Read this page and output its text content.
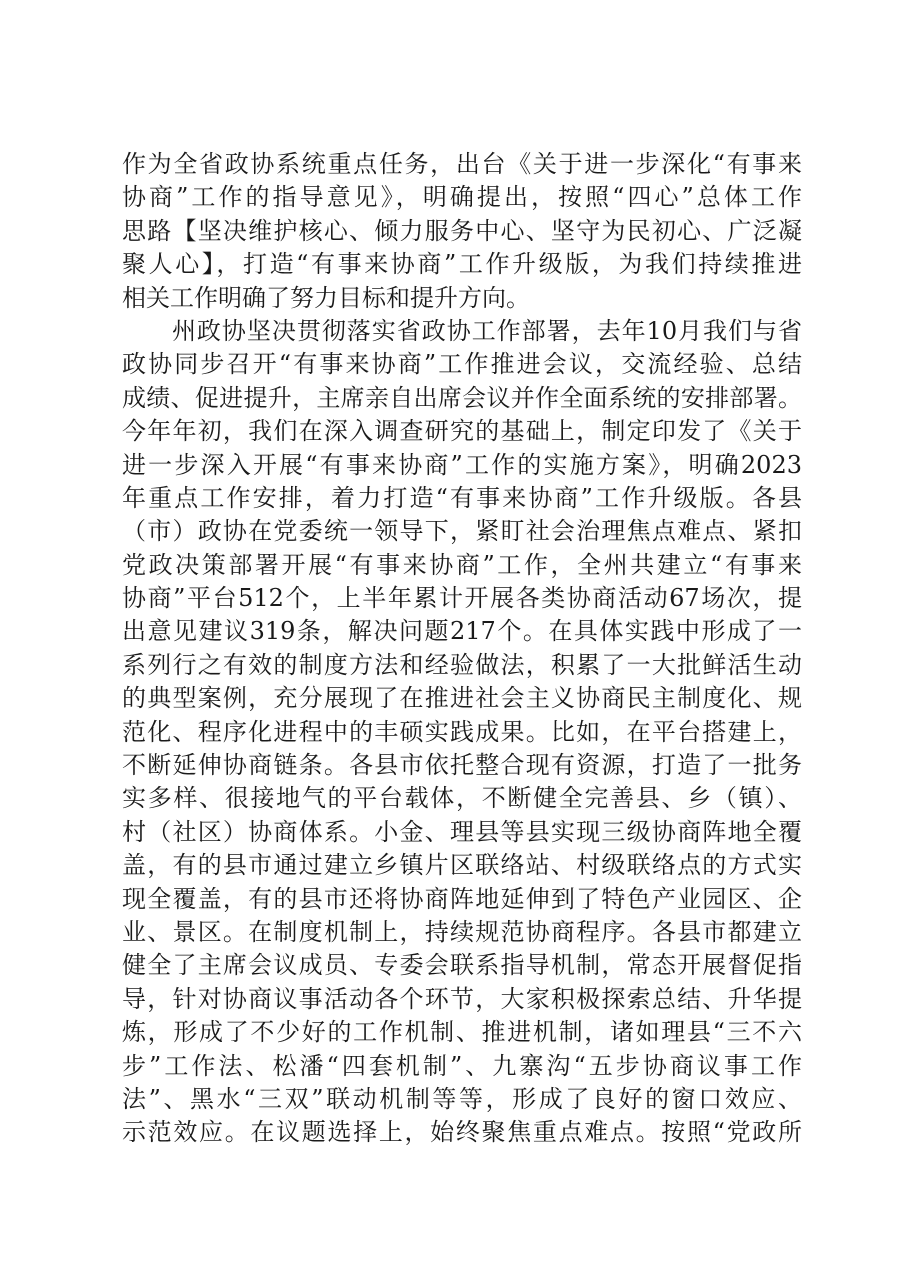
作为全省政协系统重点任务，出台《关于进一步深化“有事来
协商”工作的指导意见》，明确提出，按照“四心”总体工作
思路【坚决维护核心、倾力服务中心、坚守为民初心、广泛凝
聚人心】，打造“有事来协商”工作升级版，为我们持续推进
相关工作明确了努力目标和提升方向。
　　州政协坚决贯彻落实省政协工作部署，去年10月我们与省
政协同步召开“有事来协商”工作推进会议，交流经验、总结
成绩、促进提升，主席亲自出席会议并作全面系统的安排部署。
今年年初，我们在深入调查研究的基础上，制定印发了《关于
进一步深入开展“有事来协商”工作的实施方案》，明确2023
年重点工作安排，着力打造“有事来协商”工作升级版。各县
（市）政协在党委统一领导下，紧盯社会治理焦点难点、紧扣
党政决策部署开展“有事来协商”工作，全州共建立“有事来
协商”平台512个，上半年累计开展各类协商活动67场次，提
出意见建议319条，解决问题217个。在具体实践中形成了一
系列行之有效的制度方法和经验做法，积累了一大批鲜活生动
的典型案例，充分展现了在推进社会主义协商民主制度化、规
范化、程序化进程中的丰硕实践成果。比如，在平台搭建上，
不断延伸协商链条。各县市依托整合现有资源，打造了一批务
实多样、很接地气的平台载体，不断健全完善县、乡（镇）、
村（社区）协商体系。小金、理县等县实现三级协商阵地全覆
盖，有的县市通过建立乡镇片区联络站、村级联络点的方式实
现全覆盖，有的县市还将协商阵地延伸到了特色产业园区、企
业、景区。在制度机制上，持续规范协商程序。各县市都建立
健全了主席会议成员、专委会联系指导机制，常态开展督促指
导，针对协商议事活动各个环节，大家积极探索总结、升华提
炼，形成了不少好的工作机制、推进机制，诸如理县“三不六
步”工作法、松潘“四套机制”、九寨沟“五步协商议事工作
法”、黑水“三双”联动机制等等，形成了良好的窗口效应、
示范效应。在议题选择上，始终聚焦重点难点。按照“党政所
